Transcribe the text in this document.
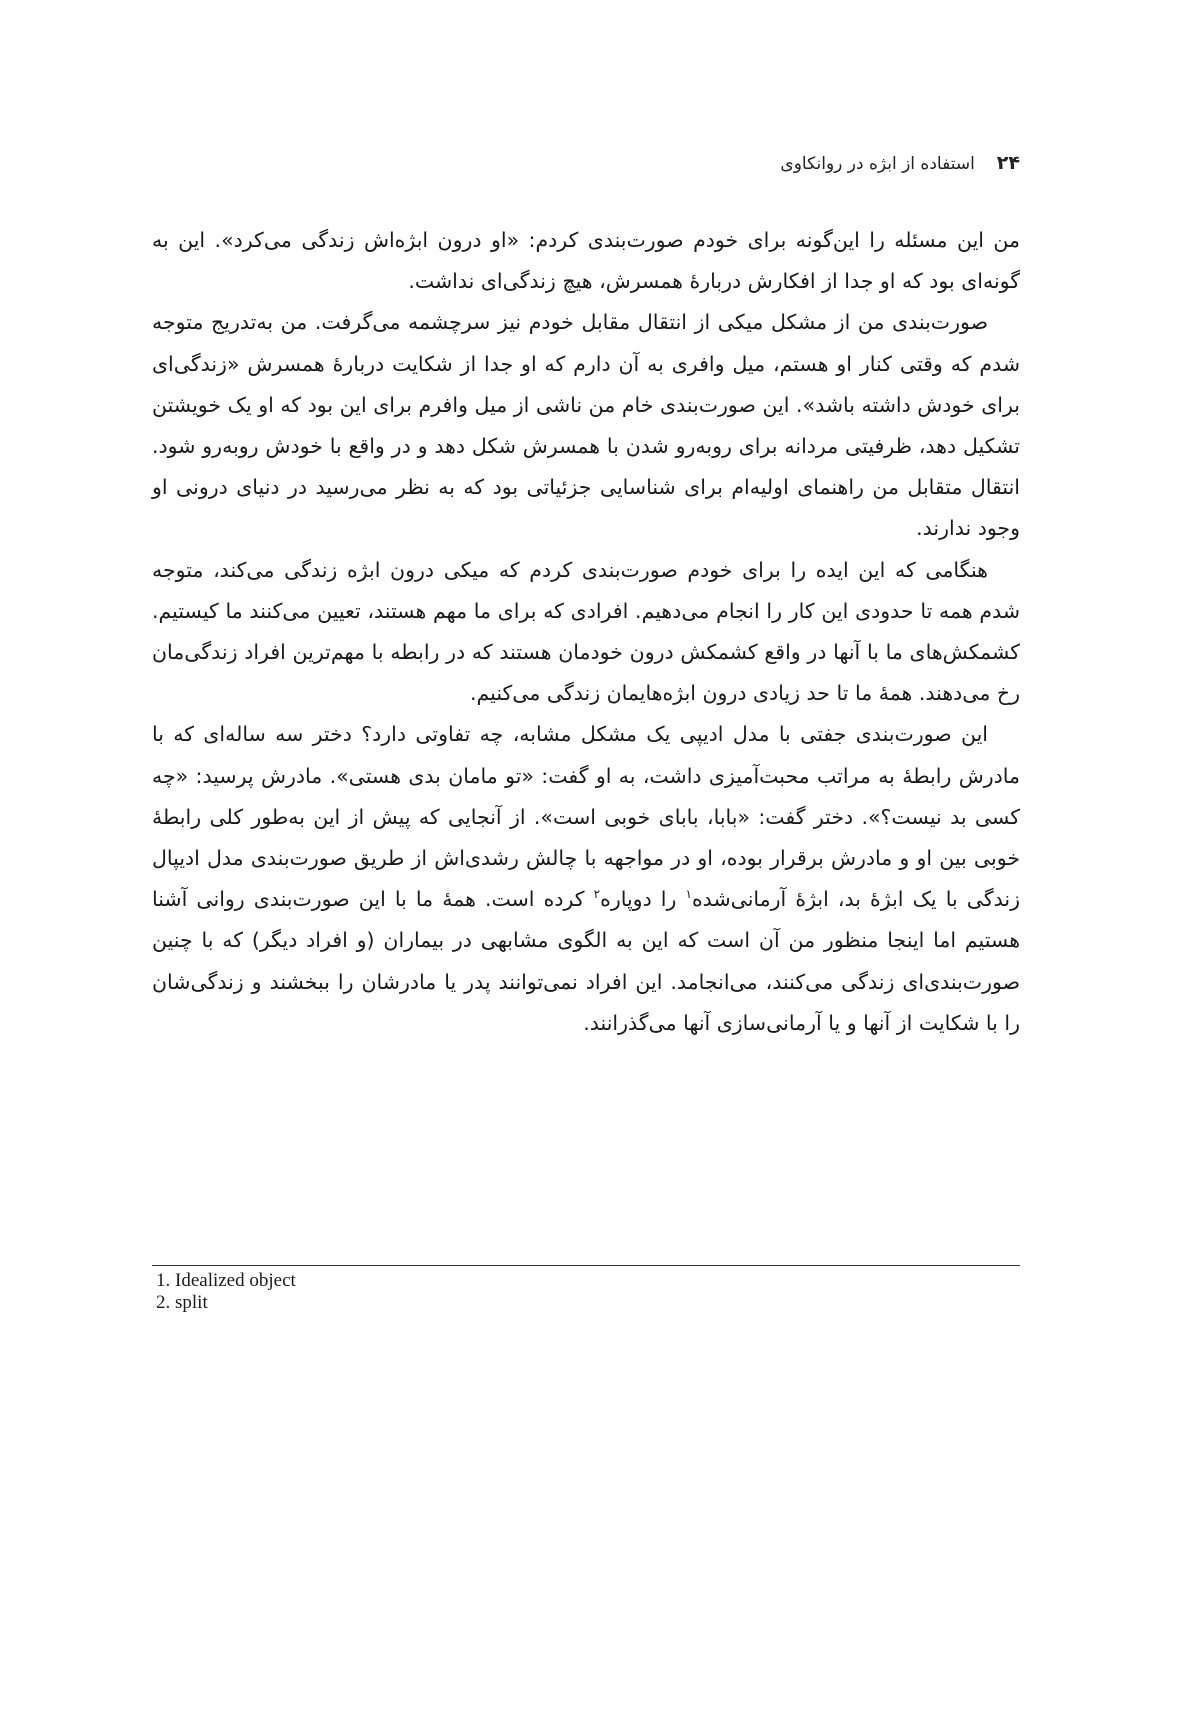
۲۴استفاده از ابژه در روانکاوی

من این مسئله را این‌گونه برای خودم صورت‌بندی کردم: «او درون ابژه‌اش زندگی می‌کرد». این به گونه‌ای بود که او جدا از افکارش دربارهٔ همسرش، هیچ زندگی‌ای نداشت.

صورت‌بندی من از مشکل میکی از انتقال مقابل خودم نیز سرچشمه می‌گرفت. من به‌تدریج متوجه شدم که وقتی کنار او هستم، میل وافری به آن دارم که او جدا از شکایت دربارهٔ همسرش «زندگی‌ای برای خودش داشته باشد». این صورت‌بندی خام من ناشی از میل وافرم برای این بود که او یک خویشتن تشکیل دهد، ظرفیتی مردانه برای روبه‌رو شدن با همسرش شکل دهد و در واقع با خودش روبه‌رو شود. انتقال متقابل من راهنمای اولیه‌ام برای شناسایی جزئیاتی بود که به نظر می‌رسید در دنیای درونی او وجود ندارند.

هنگامی که این ایده را برای خودم صورت‌بندی کردم که میکی درون ابژه زندگی می‌کند، متوجه شدم همه تا حدودی این کار را انجام می‌دهیم. افرادی که برای ما مهم هستند، تعیین می‌کنند ما کیستیم. کشمکش‌های ما با آنها در واقع کشمکش درون خودمان هستند که در رابطه با مهم‌ترین افراد زندگی‌مان رخ می‌دهند. همهٔ ما تا حد زیادی درون ابژه‌هایمان زندگی می‌کنیم.

این صورت‌بندی جفتی با مدل ادیپی یک مشکل مشابه، چه تفاوتی دارد؟ دختر سه ساله‌ای که با مادرش رابطهٔ به مراتب محبت‌آمیزی داشت، به او گفت: «تو مامان بدی هستی». مادرش پرسید: «چه کسی بد نیست؟». دختر گفت: «بابا، بابای خوبی است». از آنجایی که پیش از این به‌طور کلی رابطهٔ خوبی بین او و مادرش برقرار بوده، او در مواجهه با چالش رشدی‌اش از طریق صورت‌بندی مدل ادیپال زندگی با یک ابژهٔ بد، ابژهٔ آرمانی‌شده$^۱$ را دوپاره$^۲$ کرده است. همهٔ ما با این صورت‌بندی روانی آشنا هستیم اما اینجا منظور من آن است که این به الگوی مشابهی در بیماران (و افراد دیگر) که با چنین صورت‌بندی‌ای زندگی می‌کنند، می‌انجامد. این افراد نمی‌توانند پدر یا مادرشان را ببخشند و زندگی‌شان را با شکایت از آنها و یا آرمانی‌سازی آنها می‌گذرانند.

1. Idealized object
2. split
